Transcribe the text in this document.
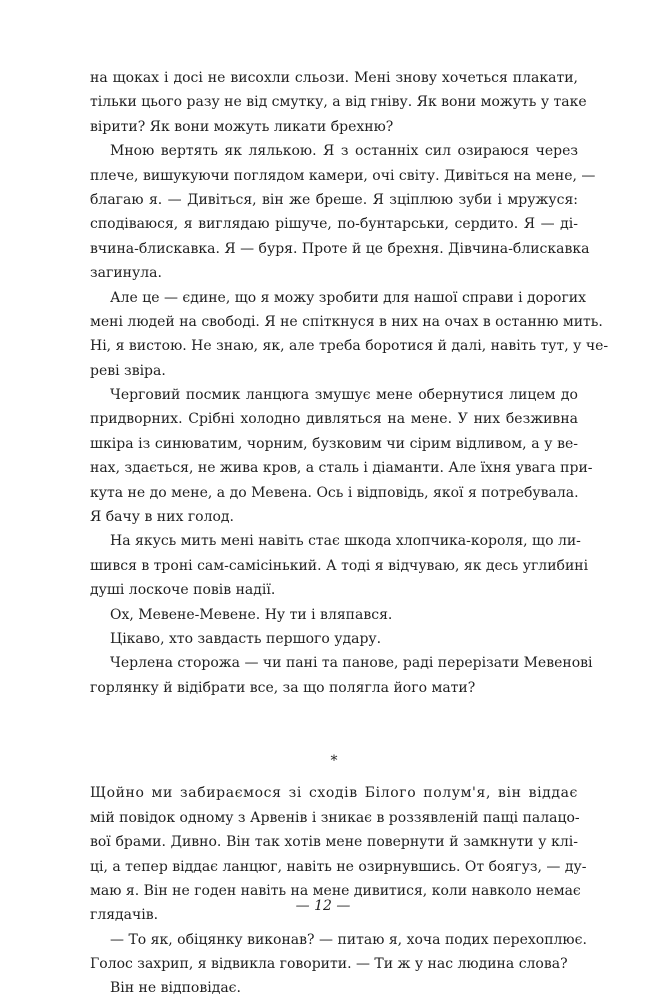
на щоках і досі не висохли сльози. Мені знову хочеться плакати,
тільки цього разу не від смутку, а від гніву. Як вони можуть у таке
вірити? Як вони можуть ликати брехню?
Мною вертять як лялькою. Я з останніх сил озираюся через
плече, вишукуючи поглядом камери, очі світу. Дивіться на мене, —
благаю я. — Дивіться, він же бреше. Я зціплюю зуби і мружуся:
сподіваюся, я виглядаю рішуче, по-бунтарськи, сердито. Я — ді-
вчина-блискавка. Я — буря. Проте й це брехня. Дівчина-блискавка
загинула.
Але це — єдине, що я можу зробити для нашої справи і дорогих
мені людей на свободі. Я не спіткнуся в них на очах в останню мить.
Ні, я вистою. Не знаю, як, але треба боротися й далі, навіть тут, у че-
реві звіра.
Черговий посмик ланцюга змушує мене обернутися лицем до
придворних. Срібні холодно дивляться на мене. У них безживна
шкіра із синюватим, чорним, бузковим чи сірим відливом, а у ве-
нах, здається, не жива кров, а сталь і діаманти. Але їхня увага при-
кута не до мене, а до Мевена. Ось і відповідь, якої я потребувала.
Я бачу в них голод.
На якусь мить мені навіть стає шкода хлопчика-короля, що ли-
шився в троні сам-самісінький. А тоді я відчуваю, як десь углибині
душі лоскоче повів надії.
Ох, Мевене-Мевене. Ну ти і вляпався.
Цікаво, хто завдасть першого удару.
Черлена сторожа — чи пані та панове, раді перерізати Мевенові
горлянку й відібрати все, за що полягла його мати?
*
Щойно ми забираємося зі сходів Білого полум'я, він віддає
мій повідок одному з Арвенів і зникає в роззявленій пащі палацо-
вої брами. Дивно. Він так хотів мене повернути й замкнути у клі-
ці, а тепер віддає ланцюг, навіть не озирнувшись. От боягуз, — ду-
маю я. Він не годен навіть на мене дивитися, коли навколо немає
глядачів.
— То як, обіцянку виконав? — питаю я, хоча подих перехоплює.
Голос захрип, я відвикла говорити. — Ти ж у нас людина слова?
Він не відповідає.
— 12 —
